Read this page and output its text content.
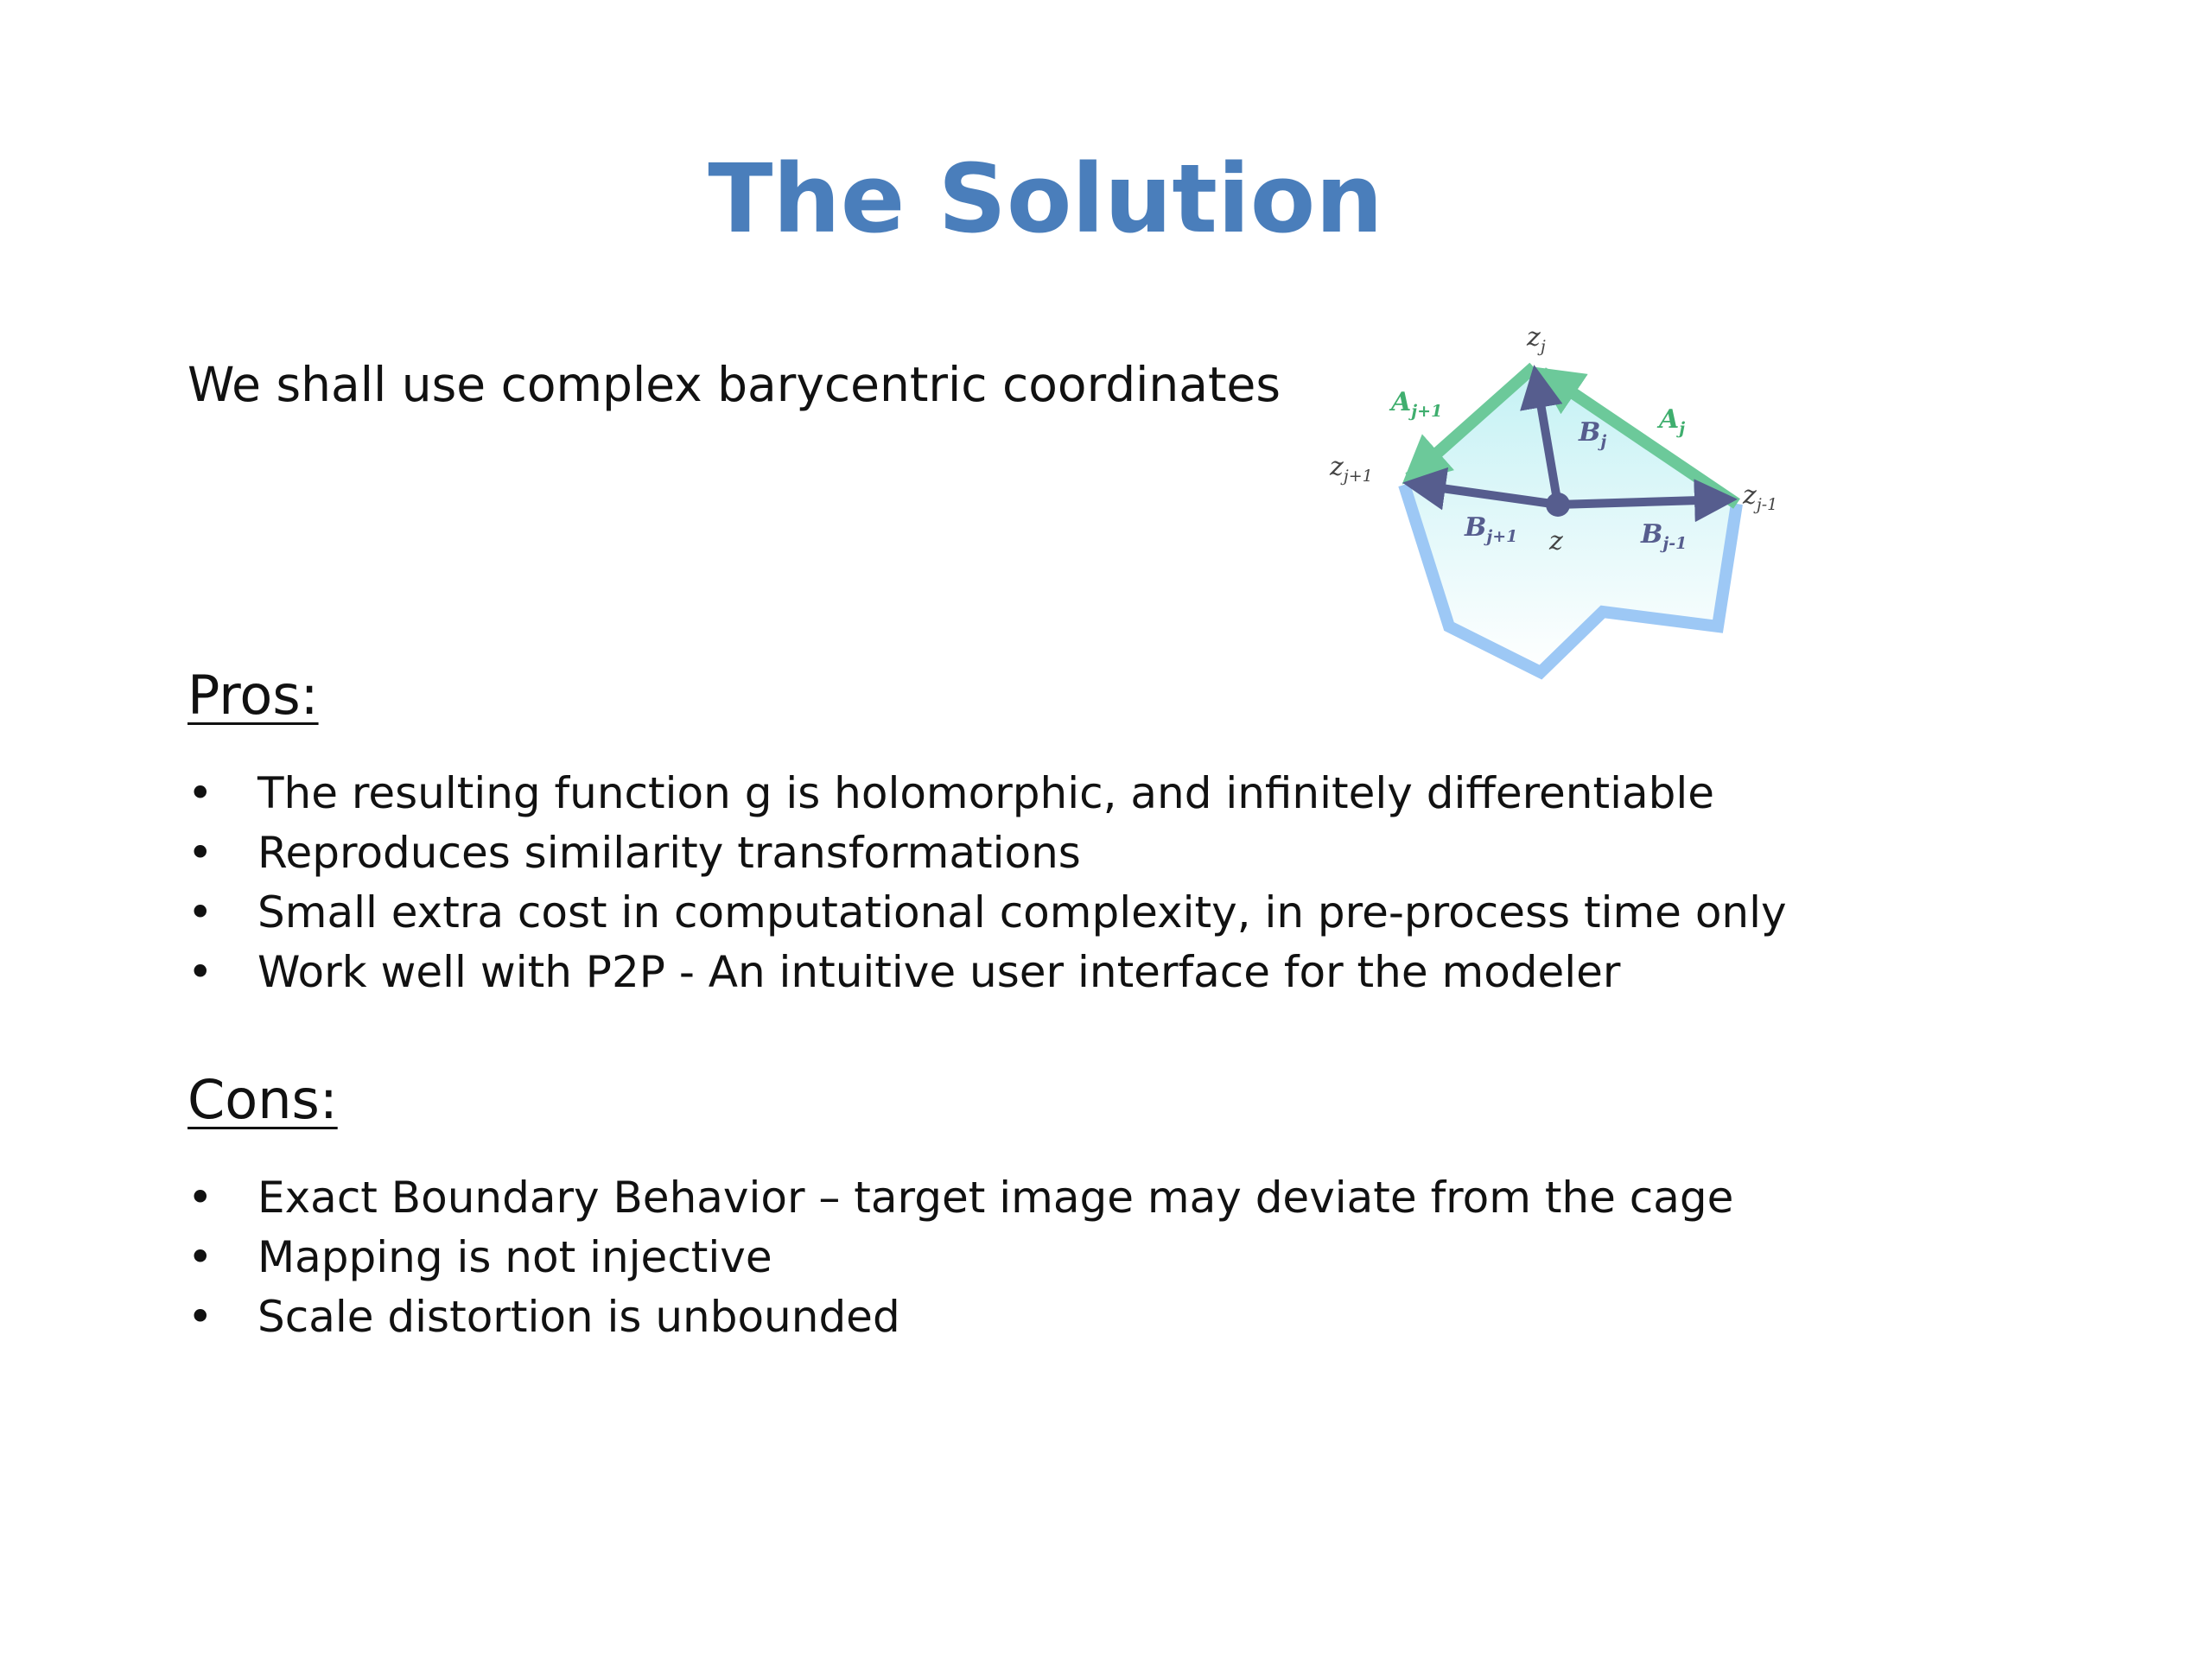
The Solution
We shall use complex barycentric coordinates
$z_j$
$z_{j+1}$
$z_{j-1}$
z
$A_{j+1}$	$A_j$
$B_j$
$B_{j+1}$	$B_{j-1}$
Pros:
• The resulting function g is holomorphic, and infinitely differentiable
• Reproduces similarity transformations
• Small extra cost in computational complexity, in pre-process time only
• Work well with P2P - An intuitive user interface for the modeler
Cons:
• Exact Boundary Behavior – target image may deviate from the cage
• Mapping is not injective
• Scale distortion is unbounded
